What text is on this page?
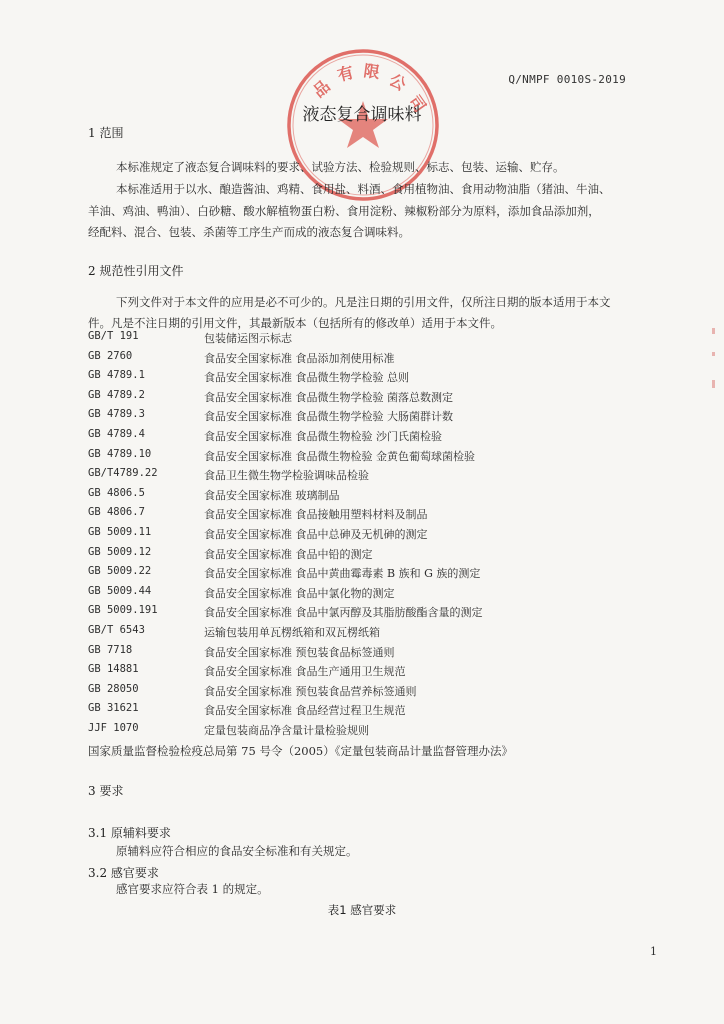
品
有 限 公
司
Q/NMPF 0010S-2019
液态复合调味料
1 范围
本标准规定了液态复合调味料的要求、试验方法、检验规则、标志、包装、运输、贮存。
本标准适用于以水、酿造酱油、鸡精、食用盐、料酒、食用植物油、食用动物油脂（猪油、牛油、
羊油、鸡油、鸭油）、白砂糖、酸水解植物蛋白粉、食用淀粉、辣椒粉部分为原料，添加食品添加剂，
经配料、混合、包装、杀菌等工序生产而成的液态复合调味料。
2 规范性引用文件
下列文件对于本文件的应用是必不可少的。凡是注日期的引用文件，仅所注日期的版本适用于本文
件。凡是不注日期的引用文件，其最新版本（包括所有的修改单）适用于本文件。
GB/T 191	包装储运图示标志
GB 2760	食品安全国家标准 食品添加剂使用标准
GB 4789.1	食品安全国家标准 食品微生物学检验 总则
GB 4789.2	食品安全国家标准 食品微生物学检验 菌落总数测定
GB 4789.3	食品安全国家标准 食品微生物学检验 大肠菌群计数
GB 4789.4	食品安全国家标准 食品微生物检验 沙门氏菌检验
GB 4789.10	食品安全国家标准 食品微生物检验 金黄色葡萄球菌检验
GB/T4789.22	食品卫生微生物学检验调味品检验
GB 4806.5	食品安全国家标准 玻璃制品
GB 4806.7	食品安全国家标准 食品接触用塑料材料及制品
GB 5009.11	食品安全国家标准 食品中总砷及无机砷的测定
GB 5009.12	食品安全国家标准 食品中铅的测定
GB 5009.22	食品安全国家标准 食品中黄曲霉毒素 B 族和 G 族的测定
GB 5009.44	食品安全国家标准 食品中氯化物的测定
GB 5009.191	食品安全国家标准 食品中氯丙醇及其脂肪酸酯含量的测定
GB/T 6543	运输包装用单瓦楞纸箱和双瓦楞纸箱
GB 7718	食品安全国家标准 预包装食品标签通则
GB 14881	食品安全国家标准 食品生产通用卫生规范
GB 28050	食品安全国家标准 预包装食品营养标签通则
GB 31621	食品安全国家标准 食品经营过程卫生规范
JJF 1070	定量包装商品净含量计量检验规则
国家质量监督检验检疫总局第 75 号令（2005）《定量包装商品计量监督管理办法》
3 要求
3.1 原辅料要求
原辅料应符合相应的食品安全标准和有关规定。
3.2 感官要求
感官要求应符合表 1 的规定。
表1 感官要求
1
